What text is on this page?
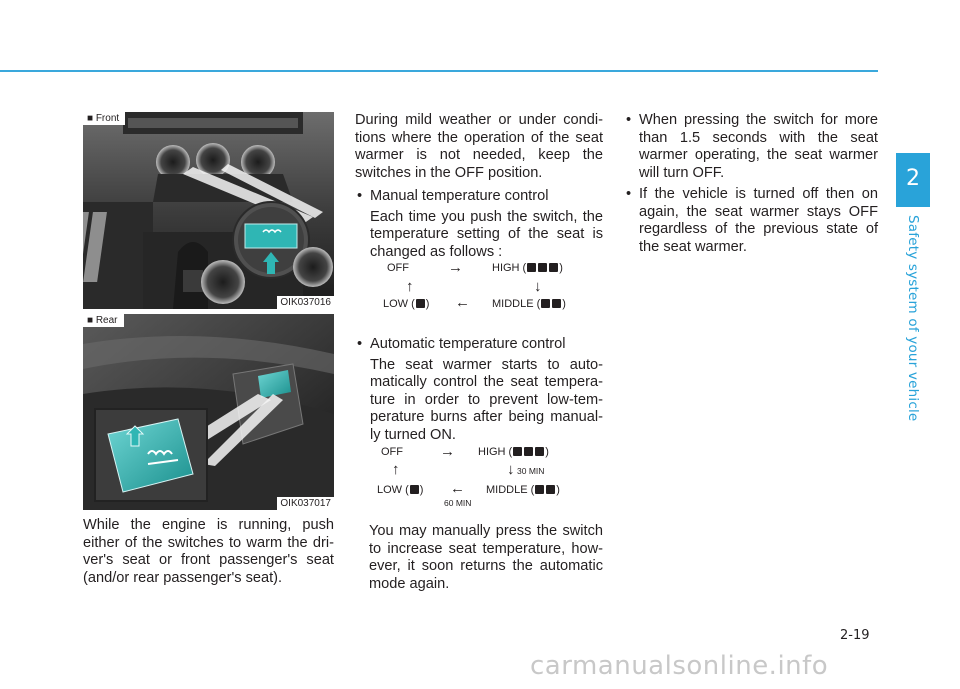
2
Safety system of your vehicle
■ Front
OIK037016
■ Rear
OIK037017

While the engine is running, push either of the switches to warm the dri-ver's seat or front passenger's seat (and/or rear passenger's seat).

During mild weather or under condi-tions where the operation of the seat warmer is not needed, keep the switches in the OFF position.

• Manual temperature control

Each time you push the switch, the temperature setting of the seat is changed as follows :

OFF	→	HIGH (	)
↑	↓
LOW ( ) ← MIDDLE ( )

• Automatic temperature control

The seat warmer starts to auto-matically control the seat tempera-ture in order to prevent low-tem-perature burns after being manual-ly turned ON.

OFF → HIGH (	)
↑	↓ 30 MIN
LOW ( ) ←
60 MIN
MIDDLE ( )

You may manually press the switch to increase seat temperature, how-ever, it soon returns the automatic mode again.

• When pressing the switch for more than 1.5 seconds with the seat warmer operating, the seat warmer will turn OFF.

• If the vehicle is turned off then on again, the seat warmer stays OFF regardless of the previous state of the seat warmer.

2-19
carmanualsonline.info
